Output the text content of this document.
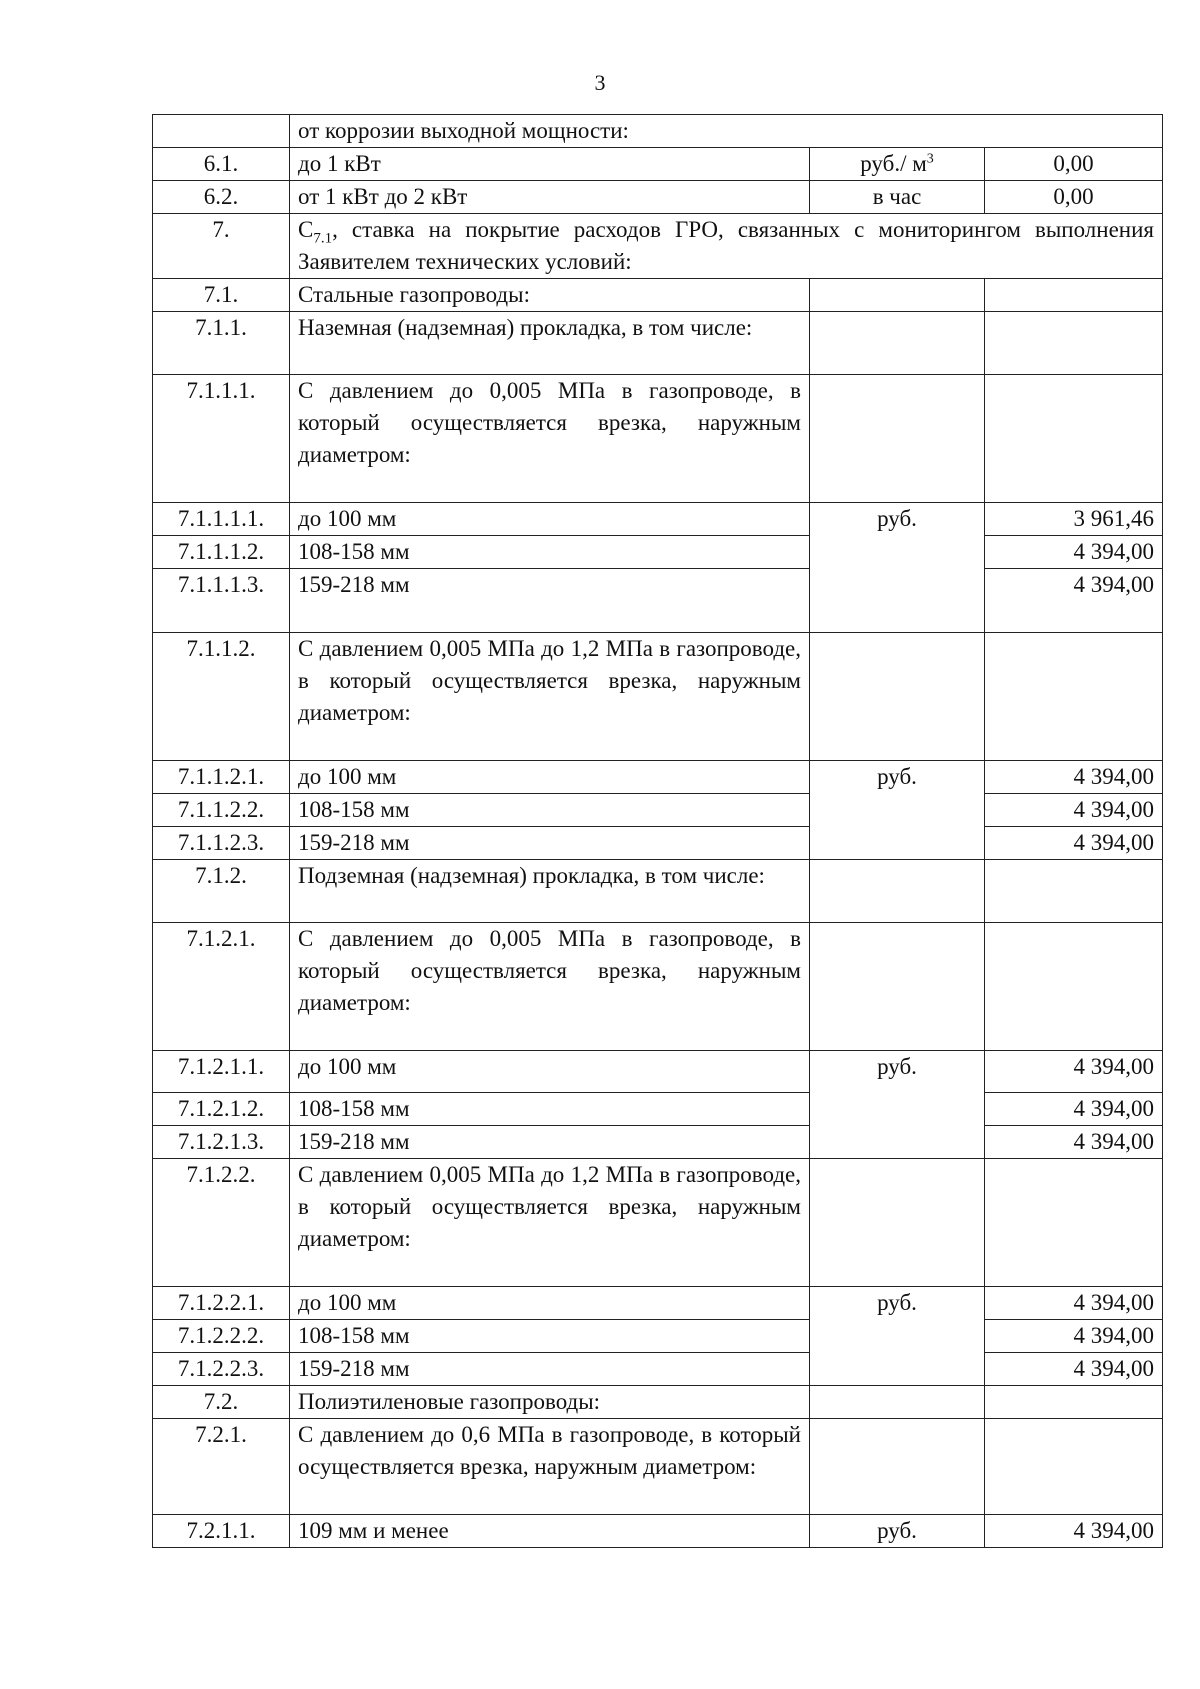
3
	от коррозии выходной мощности:		
6.1.	до 1 кВт	руб./ $м^3$	0,00
6.2.	от 1 кВт до 2 кВт	в час	0,00
7.	$С_{7.1}$, ставка на покрытие расходов ГРО, связанных с мониторингом выполнения Заявителем технических условий:		
7.1.	Стальные газопроводы:		
7.1.1.	Наземная (надземная) прокладка, в том числе:		
7.1.1.1.	С давлением до 0,005 МПа в газопроводе, в который осуществляется врезка, наружным диаметром:		
7.1.1.1.1.	до 100 мм	руб.	3 961,46
7.1.1.1.2.	108-158 мм		4 394,00
7.1.1.1.3.	159-218 мм		4 394,00
7.1.1.2.	С давлением 0,005 МПа до 1,2 МПа в газопроводе, в который осуществляется врезка, наружным диаметром:		
7.1.1.2.1.	до 100 мм	руб.	4 394,00
7.1.1.2.2.	108-158 мм		4 394,00
7.1.1.2.3.	159-218 мм		4 394,00
7.1.2.	Подземная (надземная) прокладка, в том числе:		
7.1.2.1.	С давлением до 0,005 МПа в газопроводе, в который осуществляется врезка, наружным диаметром:		
7.1.2.1.1.	до 100 мм	руб.	4 394,00
7.1.2.1.2.	108-158 мм		4 394,00
7.1.2.1.3.	159-218 мм		4 394,00
7.1.2.2.	С давлением 0,005 МПа до 1,2 МПа в газопроводе, в который осуществляется врезка, наружным диаметром:		
7.1.2.2.1.	до 100 мм	руб.	4 394,00
7.1.2.2.2.	108-158 мм		4 394,00
7.1.2.2.3.	159-218 мм		4 394,00
7.2.	Полиэтиленовые газопроводы:		
7.2.1.	С давлением до 0,6 МПа в газопроводе, в который осуществляется врезка, наружным диаметром:		
7.2.1.1.	109 мм и менее	руб.	4 394,00
